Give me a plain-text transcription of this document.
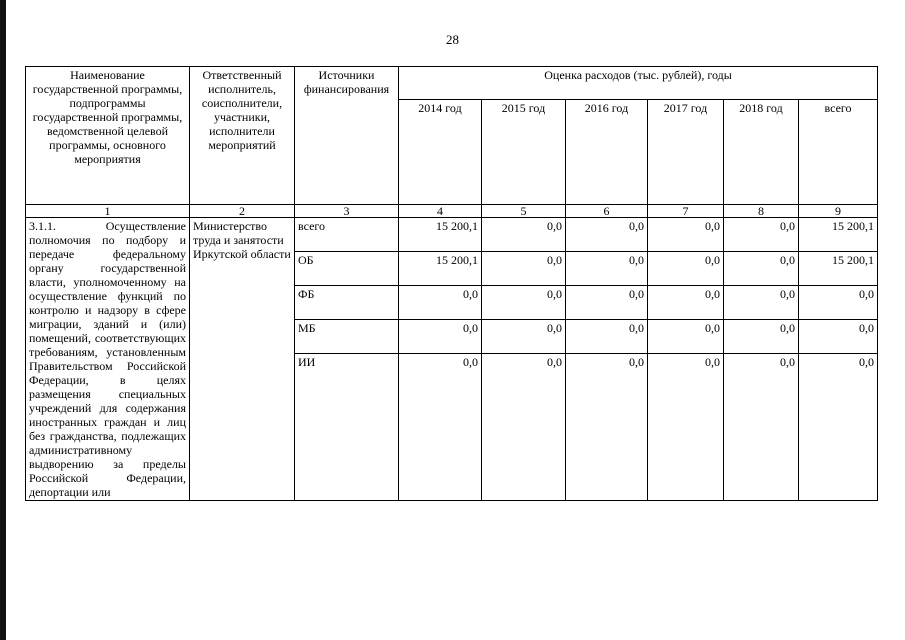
28
Наименование государственной программы, подпрограммы государственной программы, ведомственной целевой программы, основного мероприятия	Ответственный исполнитель, соисполнители, участники, исполнители мероприятий	Источники финансирования	Оценка расходов (тыс. рублей), годы					
			2014 год	2015 год	2016 год	2017 год	2018 год	всего
1	2	3	4	5	6	7	8	9
3.1.1. Осуществление полномочия по подбору и передаче федеральному органу государственной власти, уполномоченному на осуществление функций по контролю и надзору в сфере миграции, зданий и (или) помещений, соответствующих требованиям, установленным Правительством Российской Федерации, в целях размещения специальных учреждений для содержания иностранных граждан и лиц без гражданства, подлежащих административному выдворению за пределы Российской Федерации, депортации или	Министерство труда и занятости Иркутской области	всего	15 200,1	0,0	0,0	0,0	0,0	15 200,1
		ОБ	15 200,1	0,0	0,0	0,0	0,0	15 200,1
		ФБ	0,0	0,0	0,0	0,0	0,0	0,0
		МБ	0,0	0,0	0,0	0,0	0,0	0,0
		ИИ	0,0	0,0	0,0	0,0	0,0	0,0
